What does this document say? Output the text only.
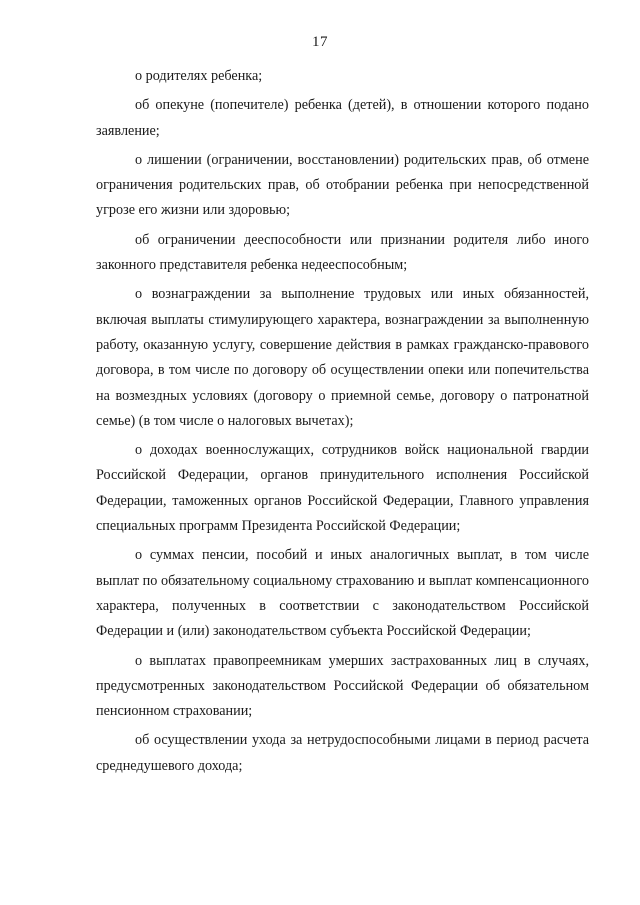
17

о родителях ребенка;

об опекуне (попечителе) ребенка (детей), в отношении которого подано заявление;

о лишении (ограничении, восстановлении) родительских прав, об отмене ограничения родительских прав, об отобрании ребенка при непосредственной угрозе его жизни или здоровью;

об ограничении дееспособности или признании родителя либо иного законного представителя ребенка недееспособным;

о вознаграждении за выполнение трудовых или иных обязанностей, включая выплаты стимулирующего характера, вознаграждении за выполненную работу, оказанную услугу, совершение действия в рамках гражданско-правового договора, в том числе по договору об осуществлении опеки или попечительства на возмездных условиях (договору о приемной семье, договору о патронатной семье) (в том числе о налоговых вычетах);

о доходах военнослужащих, сотрудников войск национальной гвардии Российской Федерации, органов принудительного исполнения Российской Федерации, таможенных органов Российской Федерации, Главного управления специальных программ Президента Российской Федерации;

о суммах пенсии, пособий и иных аналогичных выплат, в том числе выплат по обязательному социальному страхованию и выплат компенсационного характера, полученных в соответствии с законодательством Российской Федерации и (или) законодательством субъекта Российской Федерации;

о выплатах правопреемникам умерших застрахованных лиц в случаях, предусмотренных законодательством Российской Федерации об обязательном пенсионном страховании;

об осуществлении ухода за нетрудоспособными лицами в период расчета среднедушевого дохода;
